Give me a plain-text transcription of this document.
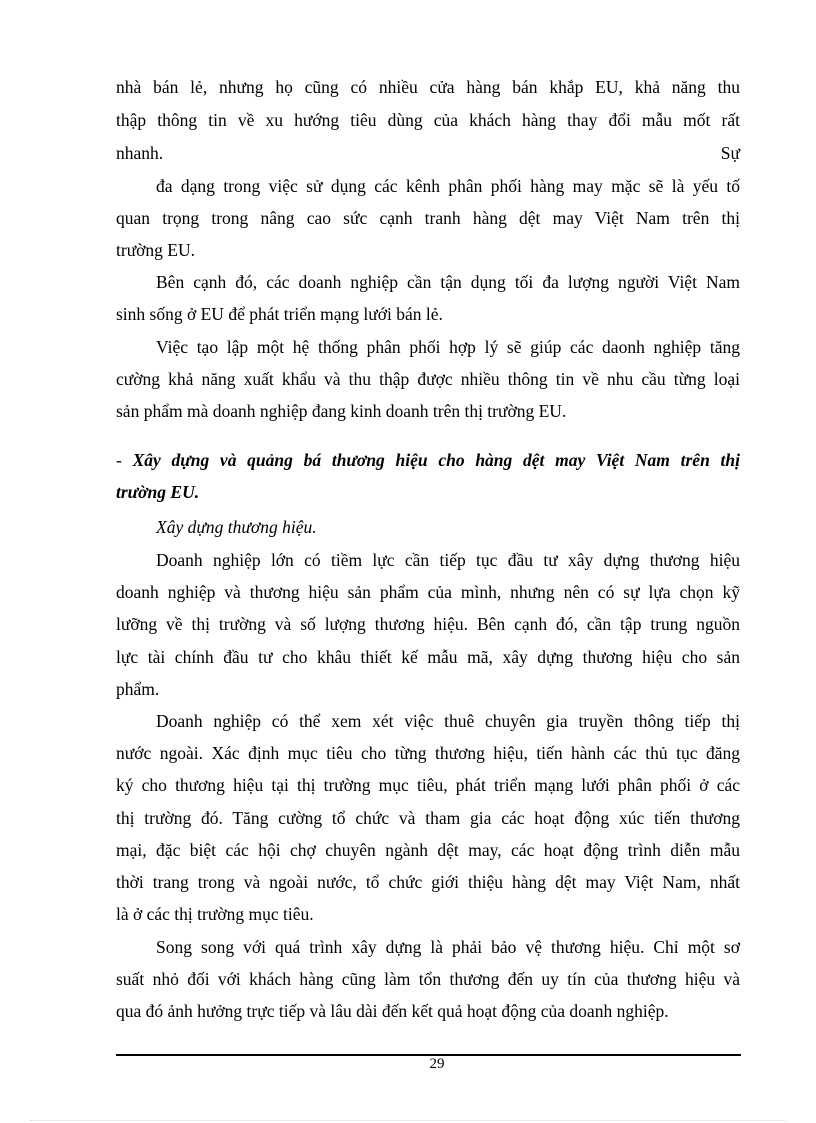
nhà bán lẻ, nhưng họ cũng có nhiều cửa hàng bán khắp EU, khả năng thu
thập thông tin về xu hướng tiêu dùng của khách hàng thay đổi mẫu mốt rất
nhanh.	Sự
đa dạng trong việc sử dụng các kênh phân phối hàng may mặc sẽ là yếu tố
quan trọng trong nâng cao sức cạnh tranh hàng dệt may Việt Nam trên thị
trường EU.
Bên cạnh đó, các doanh nghiệp cần tận dụng tối đa lượng người Việt Nam
sinh sống ở EU để phát triển mạng lưới bán lẻ.
Việc tạo lập một hệ thống phân phối hợp lý sẽ giúp các daonh nghiệp tăng
cường khả năng xuất khẩu và thu thập được nhiều thông tin về nhu cầu từng loại
sản phẩm mà doanh nghiệp đang kinh doanh trên thị trường EU.
- Xây dựng và quảng bá thương hiệu cho hàng dệt may Việt Nam trên thị
trường EU.
Xây dựng thương hiệu.
Doanh nghiệp lớn có tiềm lực cần tiếp tục đầu tư xây dựng thương hiệu
doanh nghiệp và thương hiệu sản phẩm của mình, nhưng nên có sự lựa chọn kỹ
lưỡng về thị trường và số lượng thương hiệu. Bên cạnh đó, cần tập trung nguồn
lực tài chính đầu tư cho khâu thiết kế mẫu mã, xây dựng thương hiệu cho sản
phẩm.
Doanh nghiệp có thể xem xét việc thuê chuyên gia truyền thông tiếp thị
nước ngoài. Xác định mục tiêu cho từng thương hiệu, tiến hành các thủ tục đăng
ký cho thương hiệu tại thị trường mục tiêu, phát triển mạng lưới phân phối ở các
thị trường đó. Tăng cường tổ chức và tham gia các hoạt động xúc tiến thương
mại, đặc biệt các hội chợ chuyên ngành dệt may, các hoạt động trình diễn mẫu
thời trang trong và ngoài nước, tổ chức giới thiệu hàng dệt may Việt Nam, nhất
là ở các thị trường mục tiêu.
Song song với quá trình xây dựng là phải bảo vệ thương hiệu. Chỉ một sơ
suất nhỏ đối với khách hàng cũng làm tổn thương đến uy tín của thương hiệu và
qua đó ảnh hưởng trực tiếp và lâu dài đến kết quả hoạt động của doanh nghiệp.
29
